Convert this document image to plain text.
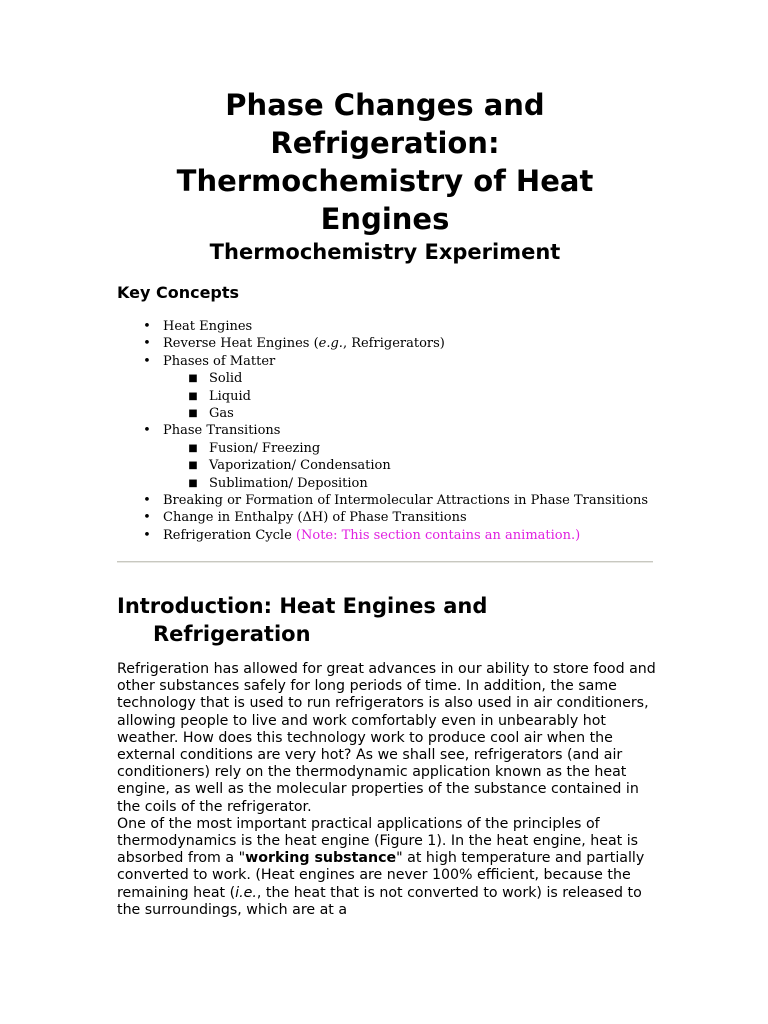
Phase Changes and Refrigeration: Thermochemistry of Heat Engines
Thermochemistry Experiment
Key Concepts
• Heat Engines
• Reverse Heat Engines (e.g., Refrigerators)
• Phases of Matter
■ Solid
■ Liquid
■ Gas
• Phase Transitions
■ Fusion/ Freezing
■ Vaporization/ Condensation
■ Sublimation/ Deposition
• Breaking or Formation of Intermolecular Attractions in Phase Transitions
• Change in Enthalpy (ΔH) of Phase Transitions
• Refrigeration Cycle (Note: This section contains an animation.)
Introduction: Heat Engines and
Refrigeration

Refrigeration has allowed for great advances in our ability to store food and other substances safely for long periods of time. In addition, the same technology that is used to run refrigerators is also used in air conditioners, allowing people to live and work comfortably even in unbearably hot weather. How does this technology work to produce cool air when the external conditions are very hot? As we shall see, refrigerators (and air conditioners) rely on the thermodynamic application known as the heat engine, as well as the molecular properties of the substance contained in the coils of the refrigerator.

One of the most important practical applications of the principles of thermodynamics is the heat engine (Figure 1). In the heat engine, heat is absorbed from a "working substance" at high temperature and partially converted to work. (Heat engines are never 100% efficient, because the remaining heat (i.e., the heat that is not converted to work) is released to the surroundings, which are at a
